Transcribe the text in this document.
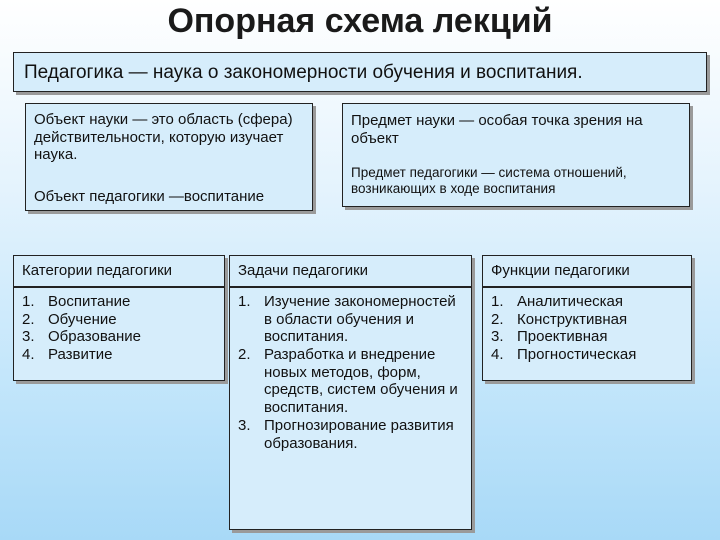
Опорная схема лекций
Педагогика — наука о закономерности обучения и воспитания.
Объект науки — это область (сфера) действительности, которую изучает наука.
Объект педагогики —воспитание
Предмет науки — особая точка зрения на объект
Предмет педагогики — система отношений, возникающих в ходе воспитания
Категории педагогики
1. Воспитание
2. Обучение
3. Образование
4. Развитие
Задачи педагогики
1. Изучение закономерностей в области обучения и воспитания.
2. Разработка и внедрение новых методов, форм, средств, систем обучения и воспитания.
3. Прогнозирование развития образования.
Функции педагогики
1. Аналитическая
2. Конструктивная
3. Проективная
4. Прогностическая
